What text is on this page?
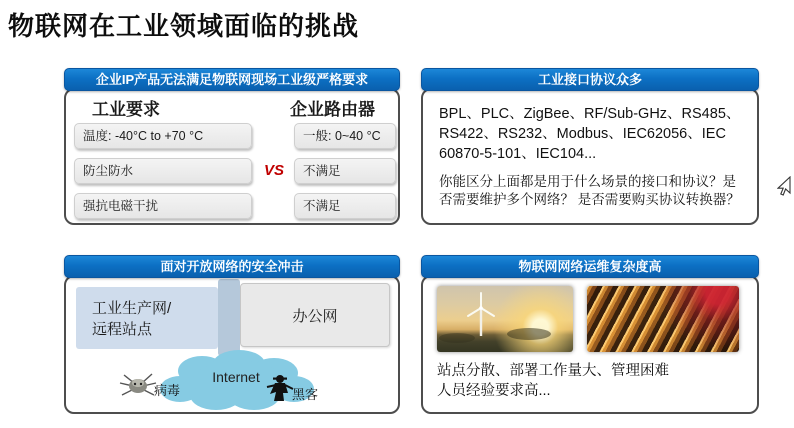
物联网在工业领域面临的挑战
企业IP产品无法满足物联网现场工业级严格要求
工业要求	企业路由器
温度: -40°C to +70 °C
防尘防水
强抗电磁干扰
VS
一般: 0~40 °C
不满足
不满足
工业接口协议众多
BPL、PLC、ZigBee、RF/Sub-GHz、RS485、RS422、RS232、Modbus、IEC62056、IEC 60870-5-101、IEC104...
你能区分上面都是用于什么场景的接口和协议？是否需要维护多个网络？ 是否需要购买协议转换器？
面对开放网络的安全冲击
工业生产网/
远程站点
办公网
Internet
病毒	黑客
物联网网络运维复杂度高
站点分散、部署工作量大、管理困难
人员经验要求高...
